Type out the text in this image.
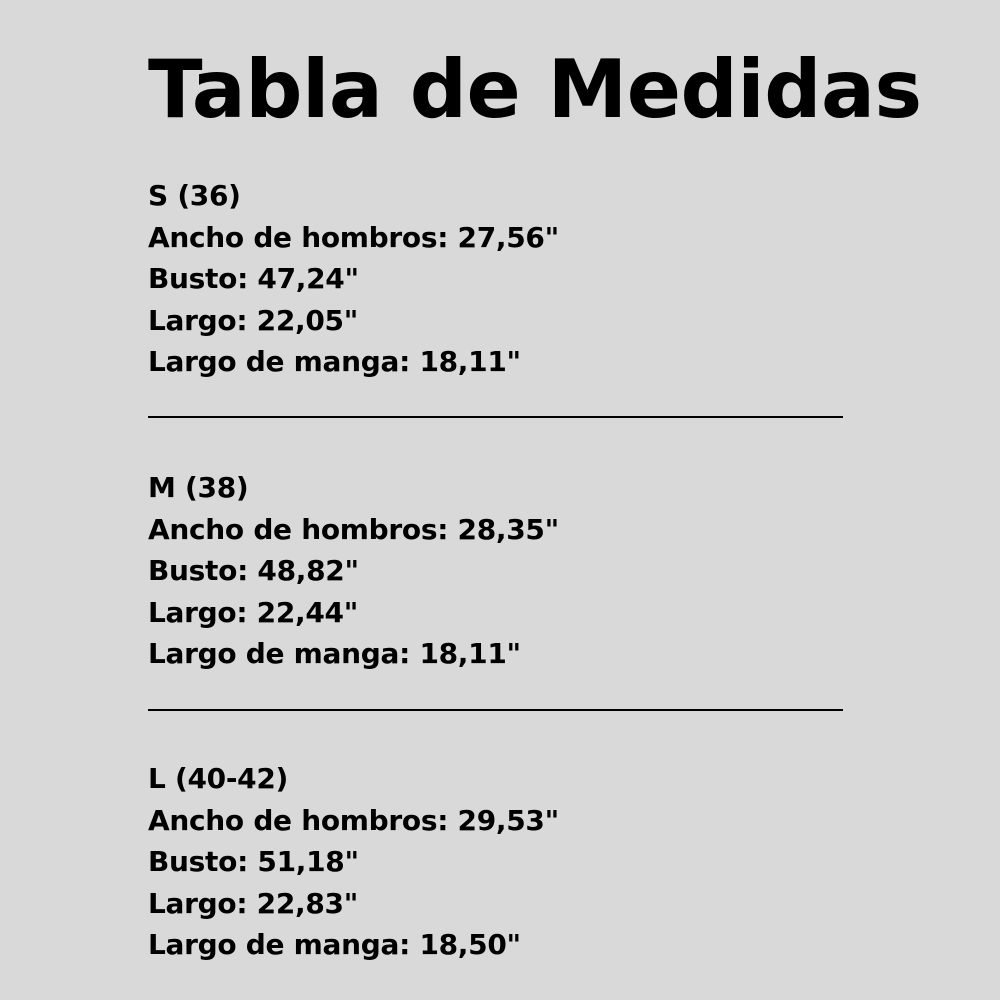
Tabla de Medidas
S (36)
Ancho de hombros: 27,56"
Busto: 47,24"
Largo: 22,05"
Largo de manga: 18,11"
M (38)
Ancho de hombros: 28,35"
Busto: 48,82"
Largo: 22,44"
Largo de manga: 18,11"
L (40-42)
Ancho de hombros: 29,53"
Busto: 51,18"
Largo: 22,83"
Largo de manga: 18,50"
